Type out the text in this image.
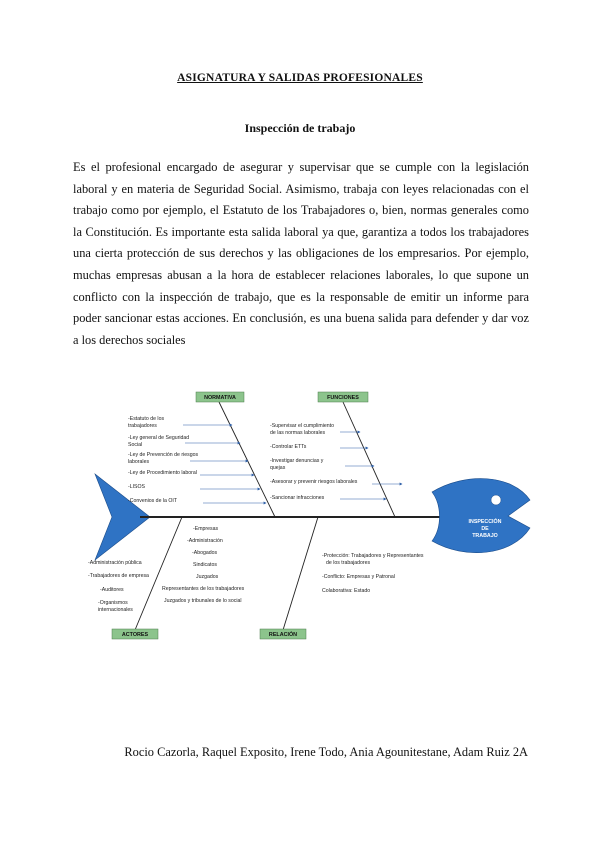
ASIGNATURA Y SALIDAS PROFESIONALES
Inspección de trabajo

Es el profesional encargado de asegurar y supervisar que se cumple con la legislación laboral y en materia de Seguridad Social. Asimismo, trabaja con leyes relacionadas con el trabajo como por ejemplo, el Estatuto de los Trabajadores o, bien, normas generales como la Constitución. Es importante esta salida laboral ya que, garantiza a todos los trabajadores una cierta protección de sus derechos y las obligaciones de los empresarios. Por ejemplo, muchas empresas abusan a la hora de establecer relaciones laborales, lo que supone un conflicto con la inspección de trabajo, que es la responsable de emitir un informe para poder sancionar estas acciones. En conclusión, es una buena salida para defender y dar voz a los derechos sociales

INSPECCIÓN
DE
TRABAJO
NORMATIVA	FUNCIONES
ACTORES	RELACIÓN
-Estatuto de los
trabajadores
-Ley general de Seguridad
Social
-Ley de Prevención de riesgos
laborales
-Ley de Procedimiento laboral
-LISOS
-Convenios de la OIT
-Supervisar el cumplimiento
de las normas laborales
-Controlar ETTs
-Investigar denuncias y
quejas
-Asesorar y prevenir riesgos laborales
-Sancionar infracciones
-Administración pública
-Trabajadores de empresa
-Auditores
-Organismos
internacionales
-Empresas
-Administración
-Abogados
Sindicatos
Juzgados
Representantes de los trabajadores
Juzgados y tribunales de lo social
-Protección: Trabajadores y Representantes
de los trabajadores
-Conflicto: Empresas y Patronal
Colaborativa: Estado
Rocio Cazorla, Raquel Exposito, Irene Todo, Ania Agounitestane, Adam Ruiz 2A
